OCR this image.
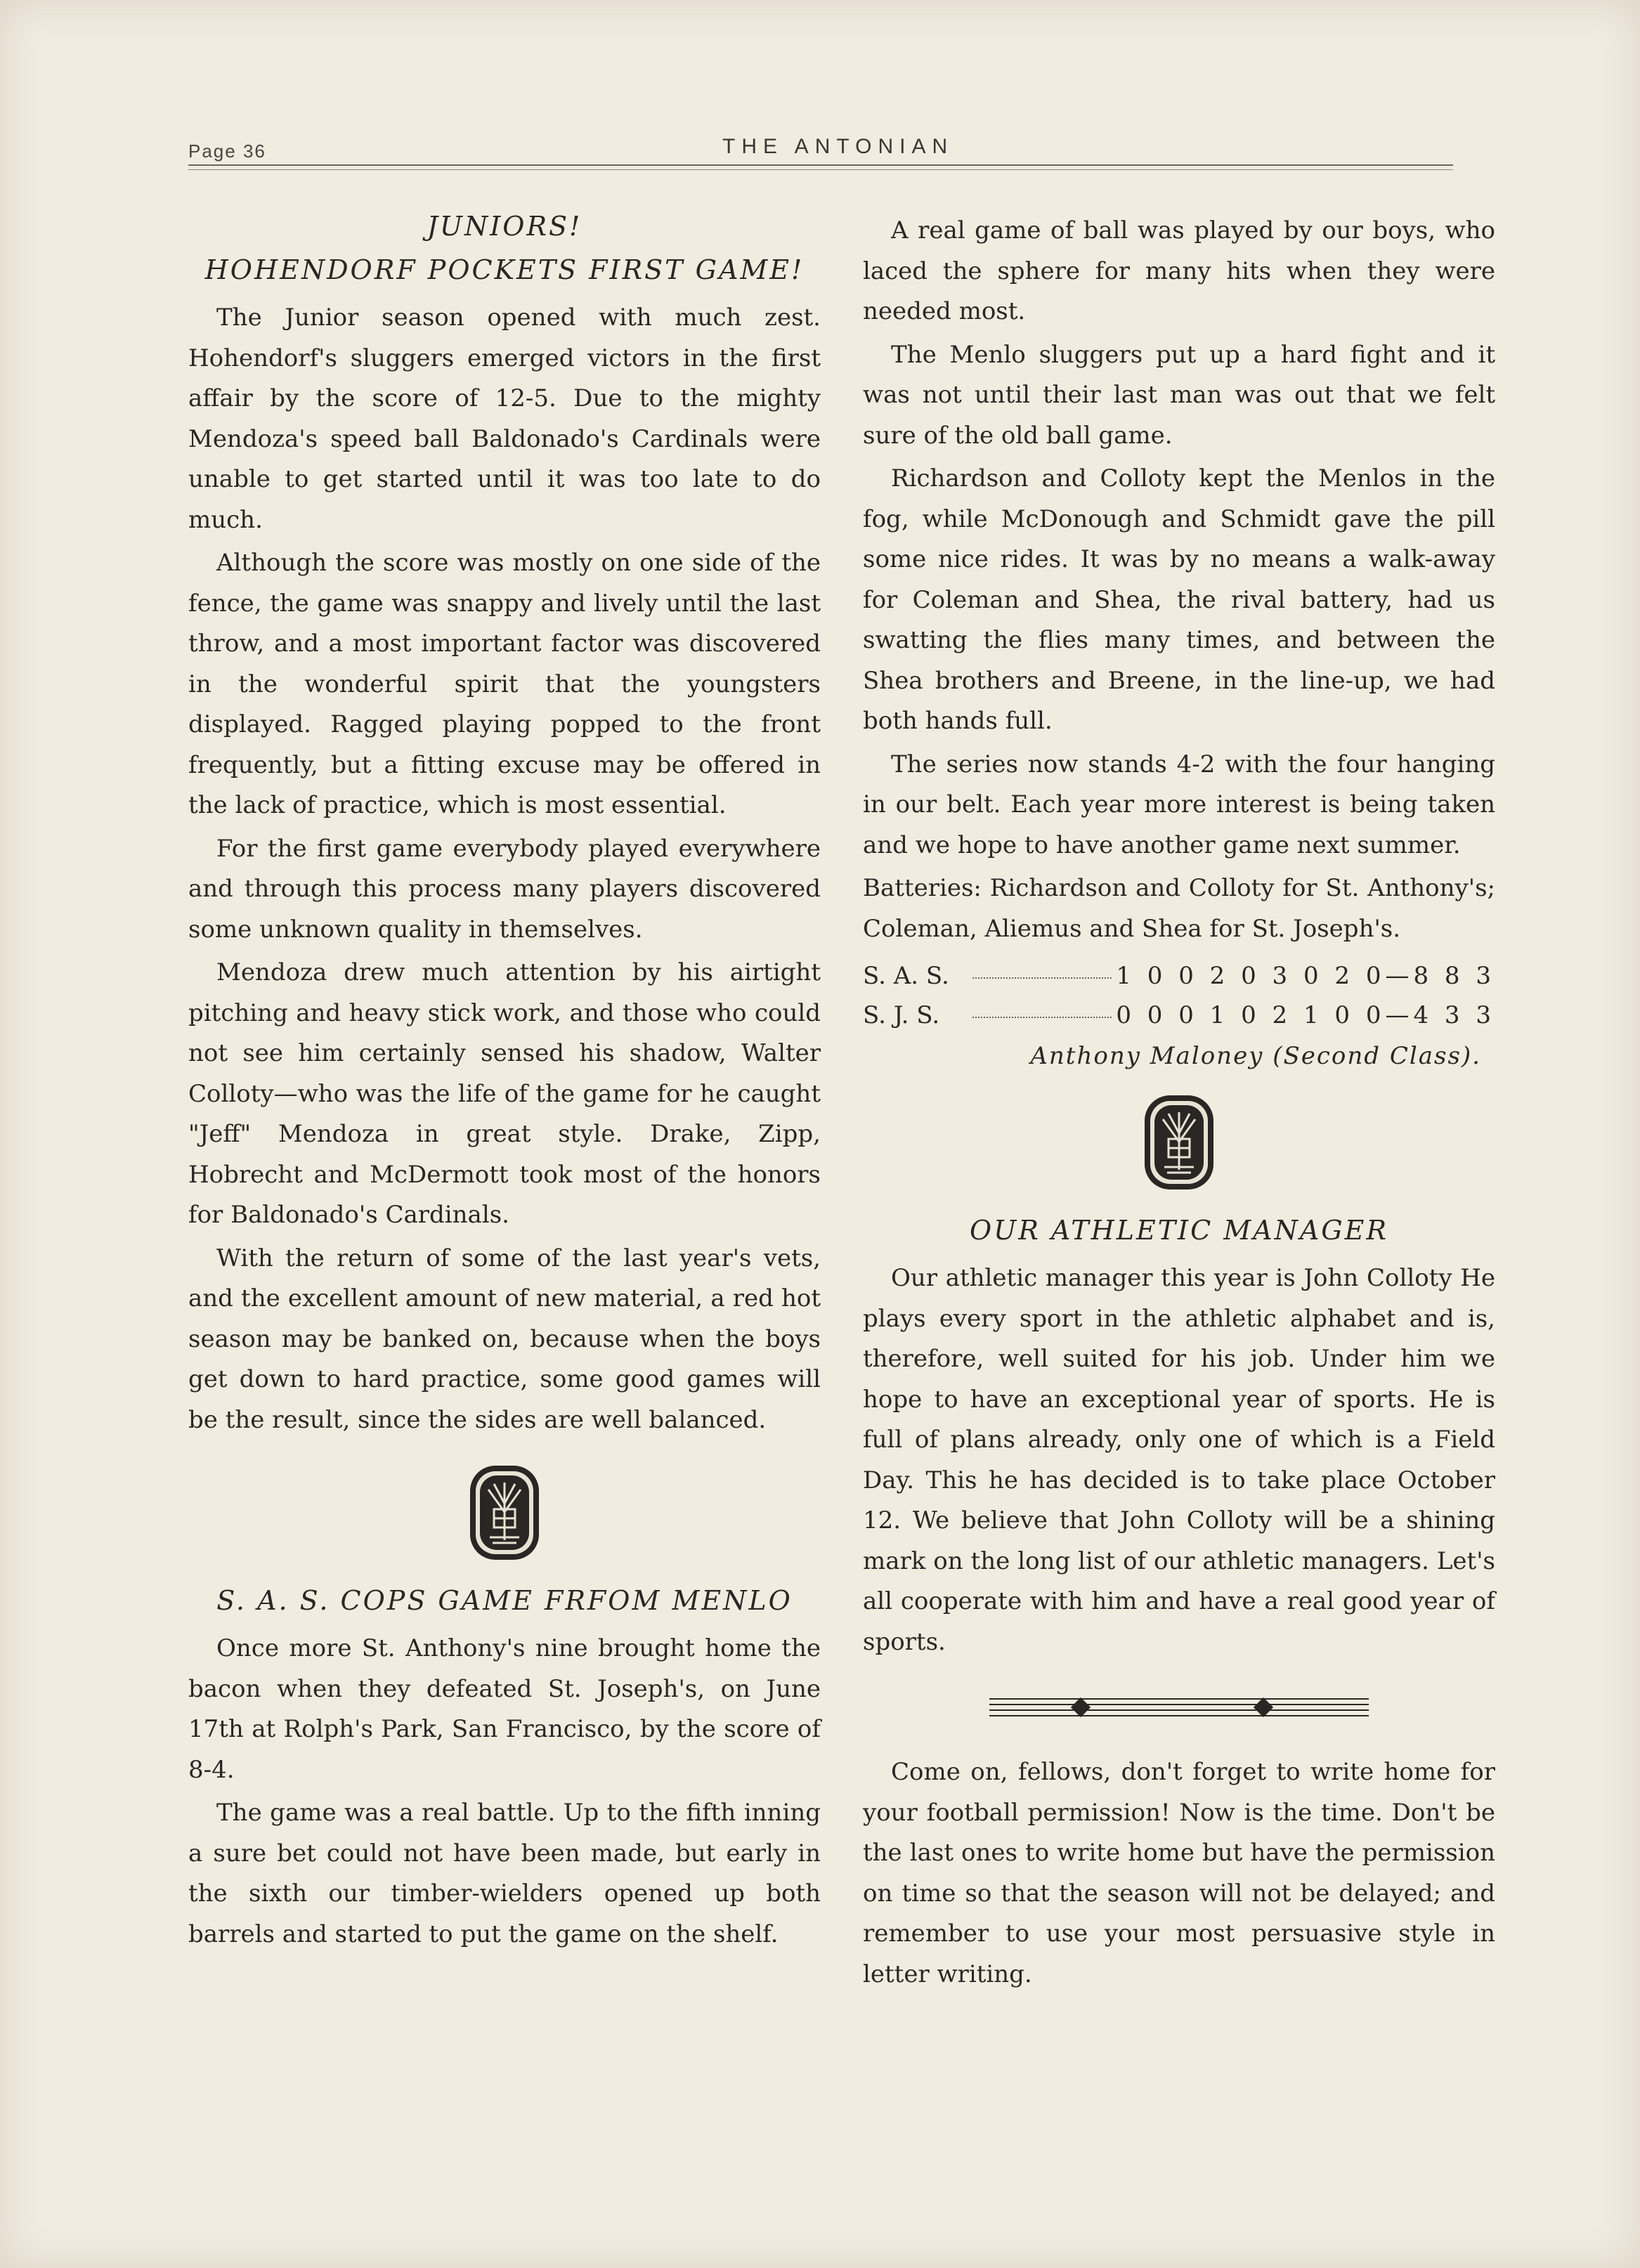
Page 36	THE ANTONIAN
JUNIORS!
HOHENDORF POCKETS FIRST GAME!

The Junior season opened with much zest. Hohendorf's sluggers emerged victors in the first affair by the score of 12-5. Due to the mighty Mendoza's speed ball Baldonado's Cardinals were unable to get started until it was too late to do much.

Although the score was mostly on one side of the fence, the game was snappy and lively until the last throw, and a most important factor was discovered in the wonderful spirit that the youngsters displayed. Ragged playing popped to the front frequently, but a fitting excuse may be offered in the lack of practice, which is most essential.

For the first game everybody played everywhere and through this process many players discovered some unknown quality in themselves.

Mendoza drew much attention by his airtight pitching and heavy stick work, and those who could not see him certainly sensed his shadow, Walter Colloty—who was the life of the game for he caught "Jeff" Mendoza in great style. Drake, Zipp, Hobrecht and McDermott took most of the honors for Baldonado's Cardinals.

With the return of some of the last year's vets, and the excellent amount of new material, a red hot season may be banked on, because when the boys get down to hard practice, some good games will be the result, since the sides are well balanced.

S. A. S. COPS GAME FRFOM MENLO

Once more St. Anthony's nine brought home the bacon when they defeated St. Joseph's, on June 17th at Rolph's Park, San Francisco, by the score of 8-4.

The game was a real battle. Up to the fifth inning a sure bet could not have been made, but early in the sixth our timber-wielders opened up both barrels and started to put the game on the shelf.

A real game of ball was played by our boys, who laced the sphere for many hits when they were needed most.

The Menlo sluggers put up a hard fight and it was not until their last man was out that we felt sure of the old ball game.

Richardson and Colloty kept the Menlos in the fog, while McDonough and Schmidt gave the pill some nice rides. It was by no means a walk-away for Coleman and Shea, the rival battery, had us swatting the flies many times, and between the Shea brothers and Breene, in the line-up, we had both hands full.

The series now stands 4-2 with the four hanging in our belt. Each year more interest is being taken and we hope to have another game next summer.

Batteries: Richardson and Colloty for St. Anthony's; Coleman, Aliemus and Shea for St. Joseph's.

S. A. S.	1 0 0 2 0 3 0 2 0—8 8 3
S. J. S.	0 0 0 1 0 2 1 0 0—4 3 3

Anthony Maloney (Second Class).

OUR ATHLETIC MANAGER

Our athletic manager this year is John Colloty He plays every sport in the athletic alphabet and is, therefore, well suited for his job. Under him we hope to have an exceptional year of sports. He is full of plans already, only one of which is a Field Day. This he has decided is to take place October 12. We believe that John Colloty will be a shining mark on the long list of our athletic managers. Let's all cooperate with him and have a real good year of sports.

Come on, fellows, don't forget to write home for your football permission! Now is the time. Don't be the last ones to write home but have the permission on time so that the season will not be delayed; and remember to use your most persuasive style in letter writing.
